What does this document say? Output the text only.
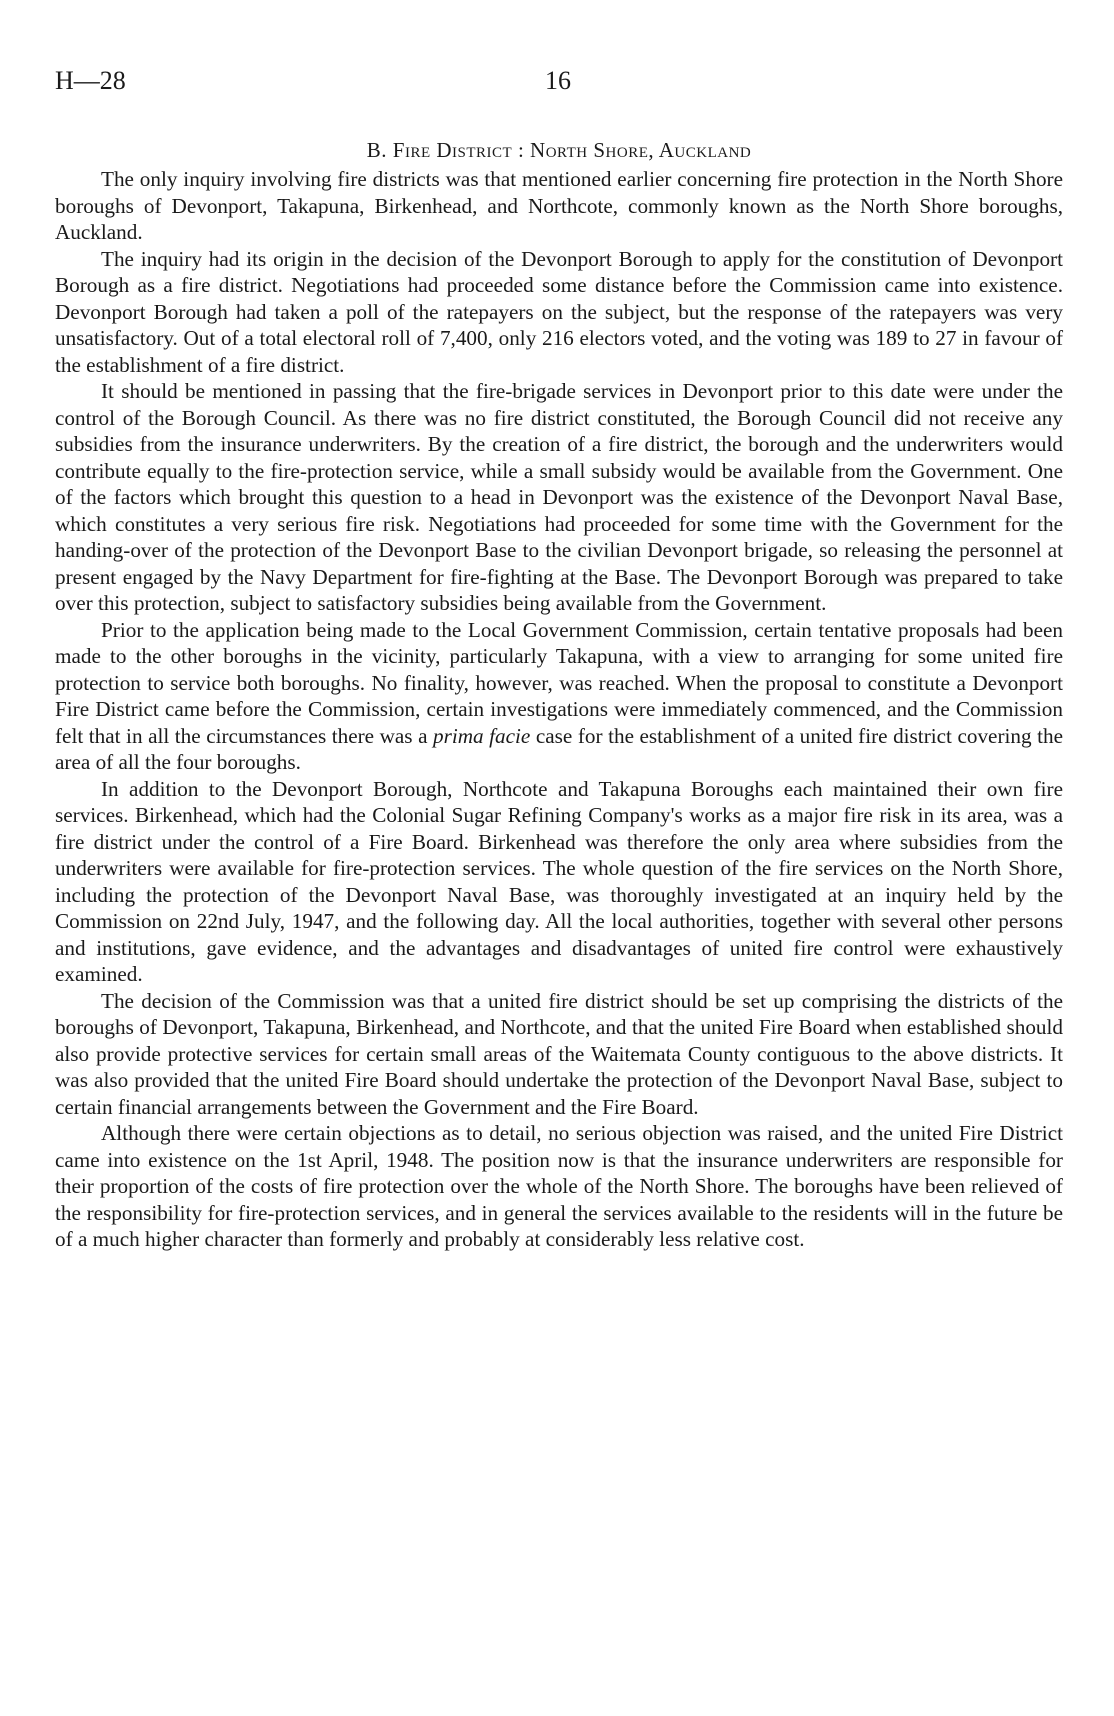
H—28	16
B. Fire District : North Shore, Auckland

The only inquiry involving fire districts was that mentioned earlier concerning fire protection in the North Shore boroughs of Devonport, Takapuna, Birkenhead, and Northcote, commonly known as the North Shore boroughs, Auckland.

The inquiry had its origin in the decision of the Devonport Borough to apply for the constitution of Devonport Borough as a fire district. Negotiations had proceeded some distance before the Commission came into existence. Devonport Borough had taken a poll of the ratepayers on the subject, but the response of the ratepayers was very unsatisfactory. Out of a total electoral roll of 7,400, only 216 electors voted, and the voting was 189 to 27 in favour of the establishment of a fire district.

It should be mentioned in passing that the fire-brigade services in Devonport prior to this date were under the control of the Borough Council. As there was no fire district constituted, the Borough Council did not receive any subsidies from the insurance underwriters. By the creation of a fire district, the borough and the underwriters would contribute equally to the fire-protection service, while a small subsidy would be available from the Government. One of the factors which brought this question to a head in Devonport was the existence of the Devonport Naval Base, which constitutes a very serious fire risk. Negotiations had proceeded for some time with the Government for the handing-over of the protection of the Devonport Base to the civilian Devonport brigade, so releasing the personnel at present engaged by the Navy Department for fire-fighting at the Base. The Devonport Borough was prepared to take over this protection, subject to satisfactory subsidies being available from the Government.

Prior to the application being made to the Local Government Commission, certain tentative proposals had been made to the other boroughs in the vicinity, particularly Takapuna, with a view to arranging for some united fire protection to service both boroughs. No finality, however, was reached. When the proposal to constitute a Devonport Fire District came before the Commission, certain investigations were immediately commenced, and the Commission felt that in all the circumstances there was a prima facie case for the establishment of a united fire district covering the area of all the four boroughs.

In addition to the Devonport Borough, Northcote and Takapuna Boroughs each maintained their own fire services. Birkenhead, which had the Colonial Sugar Refining Company's works as a major fire risk in its area, was a fire district under the control of a Fire Board. Birkenhead was therefore the only area where subsidies from the underwriters were available for fire-protection services. The whole question of the fire services on the North Shore, including the protection of the Devonport Naval Base, was thoroughly investigated at an inquiry held by the Commission on 22nd July, 1947, and the following day. All the local authorities, together with several other persons and institutions, gave evidence, and the advantages and disadvantages of united fire control were exhaustively examined.

The decision of the Commission was that a united fire district should be set up comprising the districts of the boroughs of Devonport, Takapuna, Birkenhead, and Northcote, and that the united Fire Board when established should also provide protective services for certain small areas of the Waitemata County contiguous to the above districts. It was also provided that the united Fire Board should undertake the protection of the Devonport Naval Base, subject to certain financial arrangements between the Government and the Fire Board.

Although there were certain objections as to detail, no serious objection was raised, and the united Fire District came into existence on the 1st April, 1948. The position now is that the insurance underwriters are responsible for their proportion of the costs of fire protection over the whole of the North Shore. The boroughs have been relieved of the responsibility for fire-protection services, and in general the services available to the residents will in the future be of a much higher character than formerly and probably at considerably less relative cost.
